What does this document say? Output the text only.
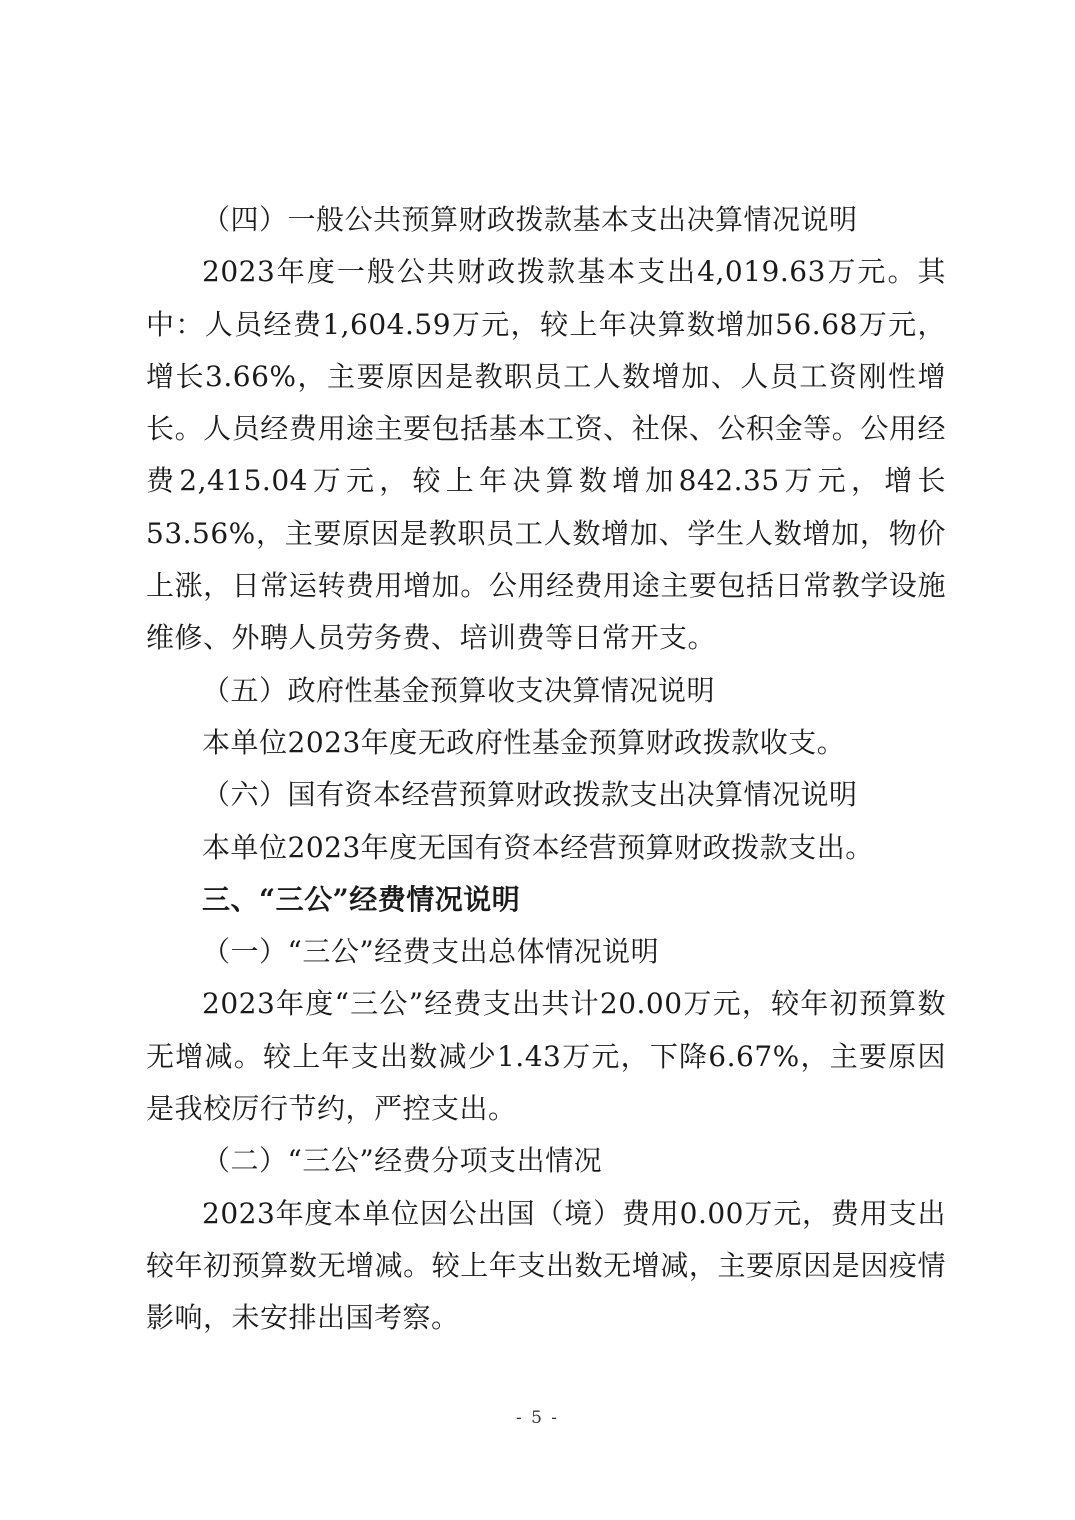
（四）一般公共预算财政拨款基本支出决算情况说明

2023年度一般公共财政拨款基本支出4,019.63万元。其中：人员经费1,604.59万元，较上年决算数增加56.68万元，增长3.66%，主要原因是教职员工人数增加、人员工资刚性增长。人员经费用途主要包括基本工资、社保、公积金等。公用经费2,415.04万元，较上年决算数增加842.35万元，增长53.56%，主要原因是教职员工人数增加、学生人数增加，物价上涨，日常运转费用增加。公用经费用途主要包括日常教学设施维修、外聘人员劳务费、培训费等日常开支。

（五）政府性基金预算收支决算情况说明

本单位2023年度无政府性基金预算财政拨款收支。

（六）国有资本经营预算财政拨款支出决算情况说明

本单位2023年度无国有资本经营预算财政拨款支出。

三、“三公”经费情况说明

（一）“三公”经费支出总体情况说明

2023年度“三公”经费支出共计20.00万元，较年初预算数无增减。较上年支出数减少1.43万元，下降6.67%，主要原因是我校厉行节约，严控支出。

（二）“三公”经费分项支出情况

2023年度本单位因公出国（境）费用0.00万元，费用支出较年初预算数无增减。较上年支出数无增减，主要原因是因疫情影响，未安排出国考察。

- 5 -
